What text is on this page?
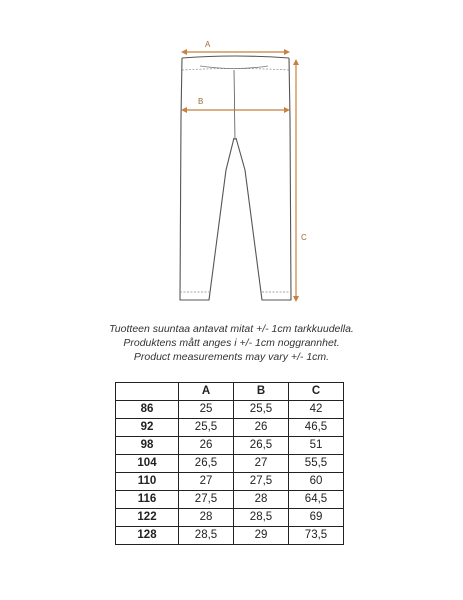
A
B
C
Tuotteen suuntaa antavat mitat +/- 1cm tarkkuudella.
Produktens mått anges i +/- 1cm noggrannhet.
Product measurements may vary +/- 1cm.
	A	B	C
86	25	25,5	42
92	25,5	26	46,5
98	26	26,5	51
104	26,5	27	55,5
110	27	27,5	60
116	27,5	28	64,5
122	28	28,5	69
128	28,5	29	73,5
